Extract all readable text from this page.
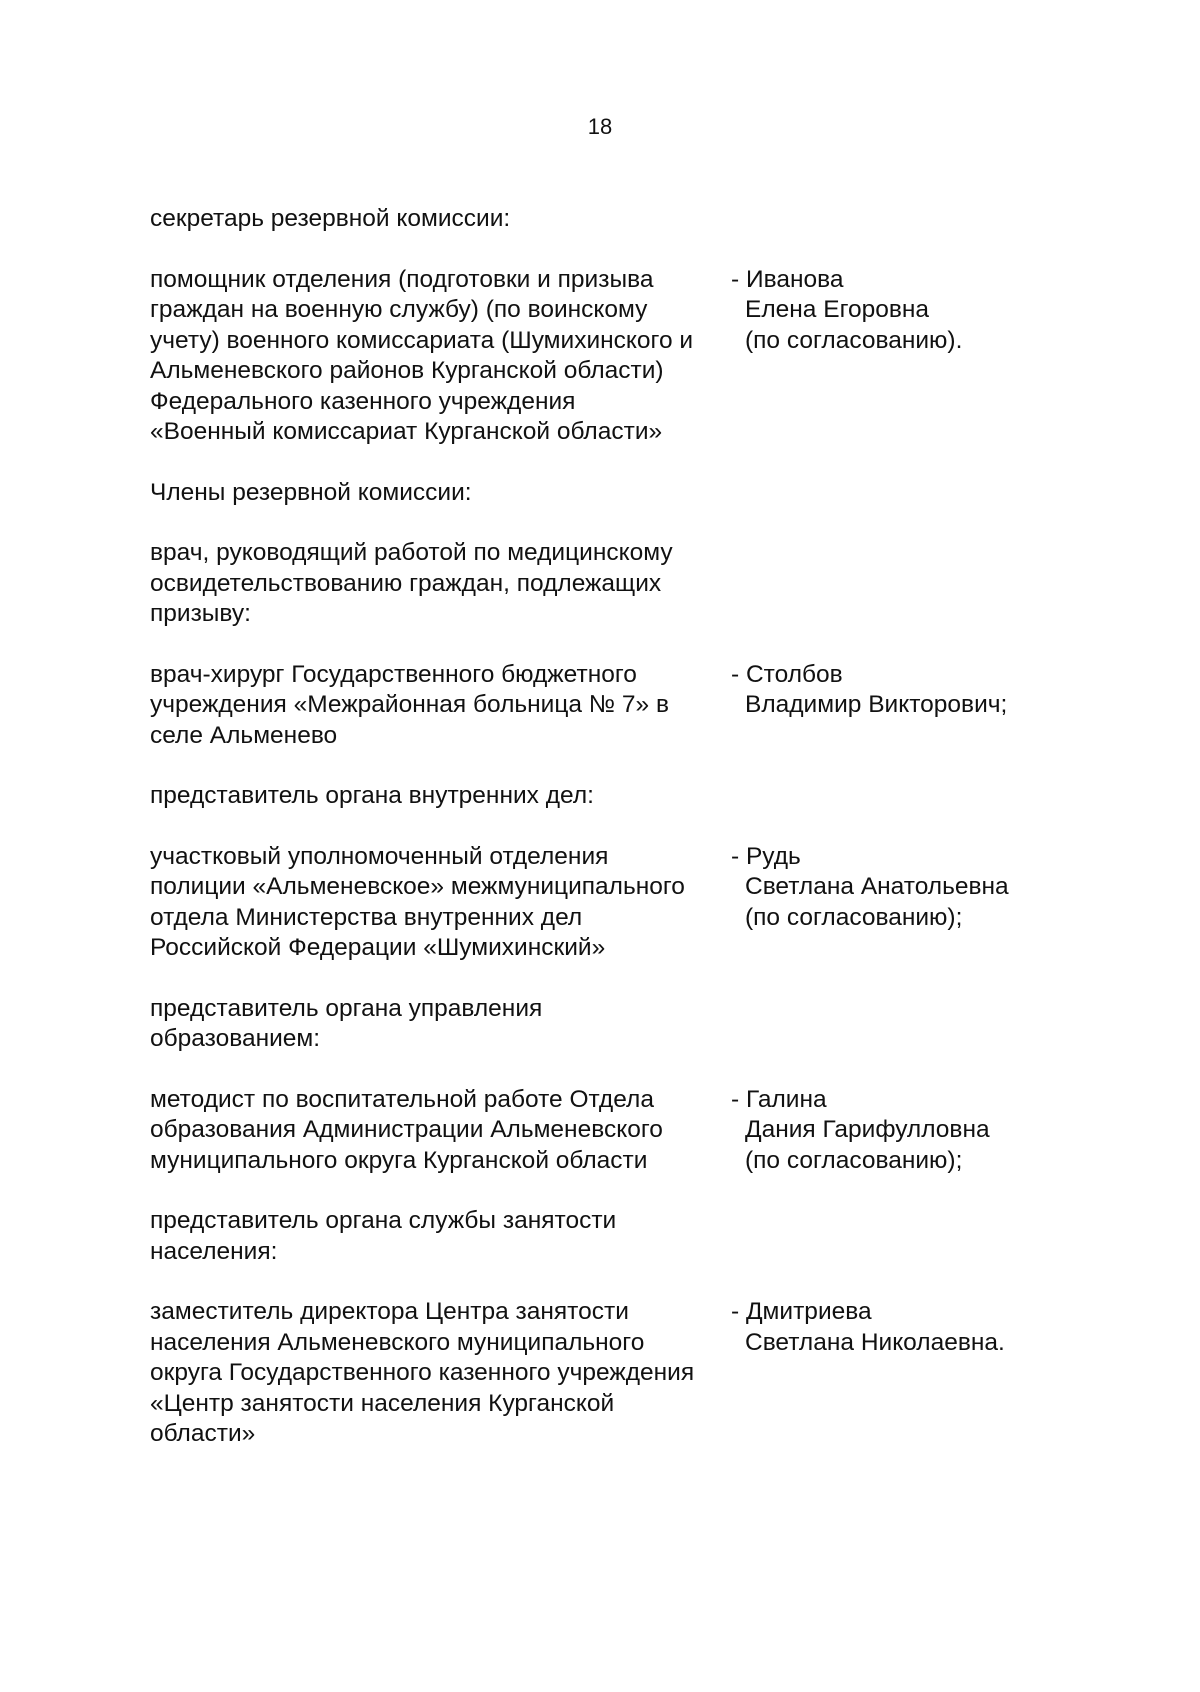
18
секретарь резервной комиссии:
помощник отделения (подготовки и призыва
граждан на военную службу) (по воинскому
учету) военного комиссариата (Шумихинского и
Альменевского районов Курганской области)
Федерального казенного учреждения
«Военный комиссариат Курганской области»
- Иванова
Елена Егоровна
(по согласованию).
Члены резервной комиссии:
врач, руководящий работой по медицинскому
освидетельствованию граждан, подлежащих
призыву:
врач-хирург Государственного бюджетного
учреждения «Межрайонная больница № 7» в
селе Альменево
- Столбов
Владимир Викторович;
представитель органа внутренних дел:
участковый уполномоченный отделения
полиции «Альменевское» межмуниципального
отдела Министерства внутренних дел
Российской Федерации «Шумихинский»
- Рудь
Светлана Анатольевна
(по согласованию);
представитель органа управления
образованием:
методист по воспитательной работе Отдела
образования Администрации Альменевского
муниципального округа Курганской области
- Галина
Дания Гарифулловна
(по согласованию);
представитель органа службы занятости
населения:
заместитель директора Центра занятости
населения Альменевского муниципального
округа Государственного казенного учреждения
«Центр занятости населения Курганской
области»
- Дмитриева
Светлана Николаевна.
